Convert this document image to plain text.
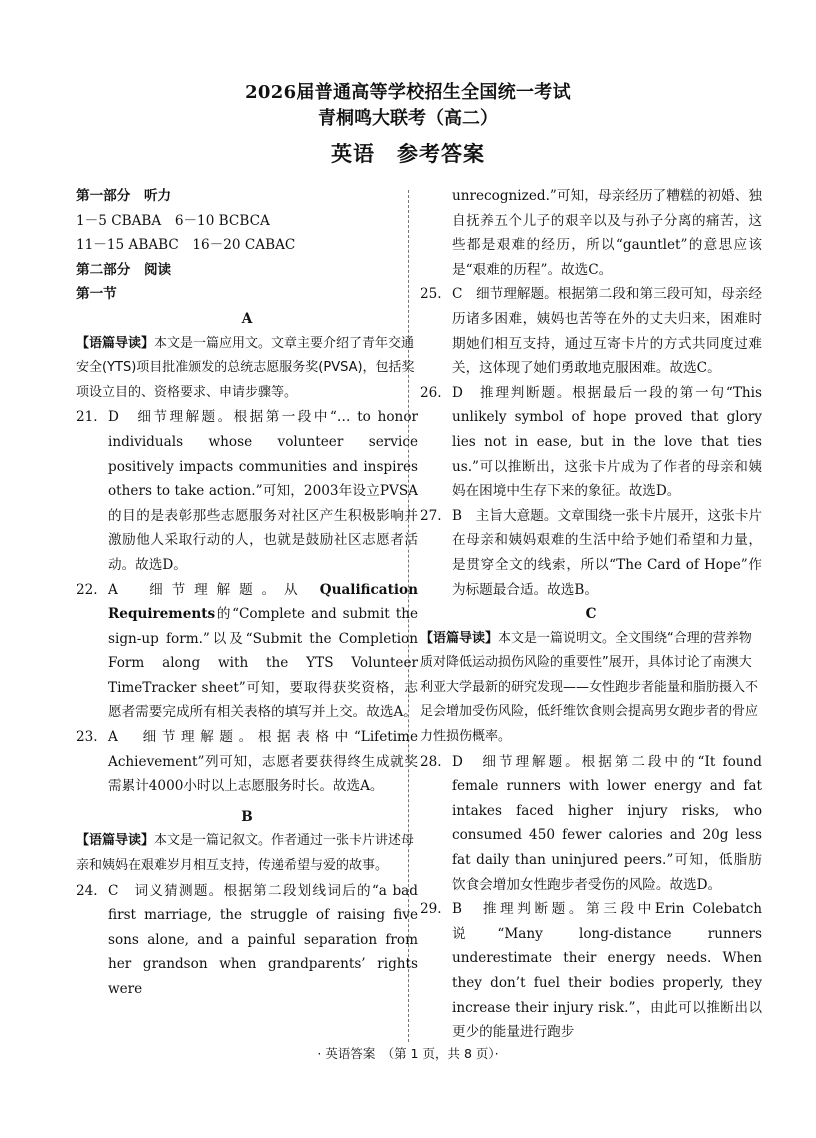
2026届普通高等学校招生全国统一考试
青桐鸣大联考（高二）
英语　参考答案
第一部分　听力
1－5 CBABA　6－10 BCBCA
11－15 ABABC　16－20 CABAC
第二部分　阅读
第一节
A
【语篇导读】本文是一篇应用文。文章主要介绍了青年交通安全(YTS)项目批准颁发的总统志愿服务奖(PVSA)，包括奖项设立目的、资格要求、申请步骤等。
21. D　细节理解题。根据第一段中“… to honor individuals whose volunteer service positively impacts communities and inspires others to take action.”可知，2003年设立PVSA的目的是表彰那些志愿服务对社区产生积极影响并激励他人采取行动的人，也就是鼓励社区志愿者活动。故选D。
22. A　细节理解题。从 Qualification Requirements的“Complete and submit the sign-up form.”以及“Submit the Completion Form along with the YTS Volunteer TimeTracker sheet”可知，要取得获奖资格，志愿者需要完成所有相关表格的填写并上交。故选A。
23. A　细节理解题。根据表格中“Lifetime Achievement”列可知，志愿者要获得终生成就奖需累计4000小时以上志愿服务时长。故选A。
B
【语篇导读】本文是一篇记叙文。作者通过一张卡片讲述母亲和姨妈在艰难岁月相互支持，传递希望与爱的故事。
24. C　词义猜测题。根据第二段划线词后的“a bad first marriage, the struggle of raising five sons alone, and a painful separation from her grandson when grandparents’ rights were
unrecognized.”可知，母亲经历了糟糕的初婚、独自抚养五个儿子的艰辛以及与孙子分离的痛苦，这些都是艰难的经历，所以“gauntlet”的意思应该是“艰难的历程”。故选C。
25. C　细节理解题。根据第二段和第三段可知，母亲经历诸多困难，姨妈也苦等在外的丈夫归来，困难时期她们相互支持，通过互寄卡片的方式共同度过难关，这体现了她们勇敢地克服困难。故选C。
26. D　推理判断题。根据最后一段的第一句“This unlikely symbol of hope proved that glory lies not in ease, but in the love that ties us.”可以推断出，这张卡片成为了作者的母亲和姨妈在困境中生存下来的象征。故选D。
27. B　主旨大意题。文章围绕一张卡片展开，这张卡片在母亲和姨妈艰难的生活中给予她们希望和力量，是贯穿全文的线索，所以“The Card of Hope”作为标题最合适。故选B。
C
【语篇导读】本文是一篇说明文。全文围绕“合理的营养物质对降低运动损伤风险的重要性”展开，具体讨论了南澳大利亚大学最新的研究发现——女性跑步者能量和脂肪摄入不足会增加受伤风险，低纤维饮食则会提高男女跑步者的骨应力性损伤概率。
28. D　细节理解题。根据第二段中的“It found female runners with lower energy and fat intakes faced higher injury risks, who consumed 450 fewer calories and 20g less fat daily than uninjured peers.”可知，低脂肪饮食会增加女性跑步者受伤的风险。故选D。
29. B　推理判断题。第三段中Erin Colebatch说“Many long-distance runners underestimate their energy needs. When they don’t fuel their bodies properly, they increase their injury risk.”，由此可以推断出以更少的能量进行跑步
· 英语答案　（第 1 页，共 8 页）·
